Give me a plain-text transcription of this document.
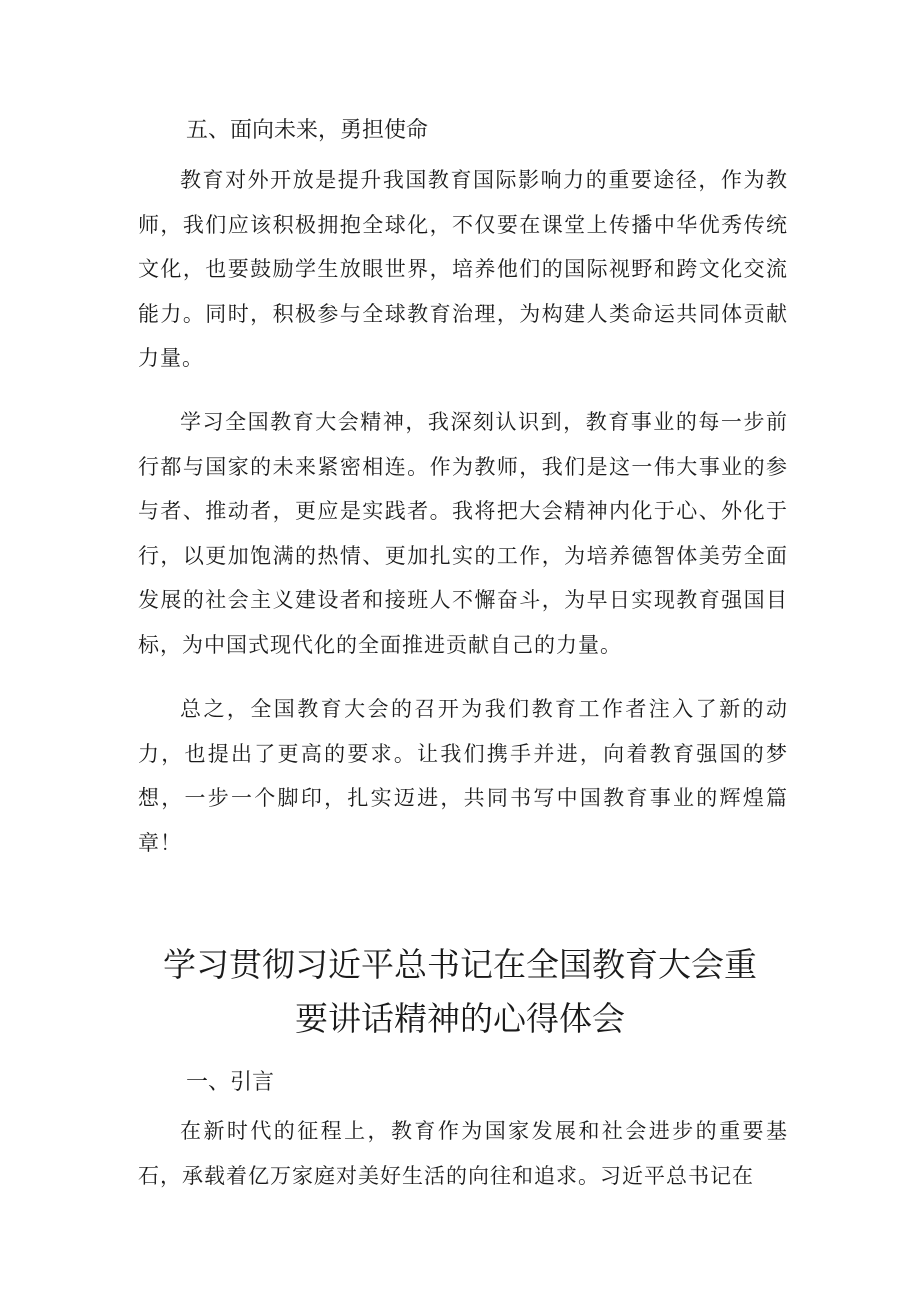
五、面向未来，勇担使命

教育对外开放是提升我国教育国际影响力的重要途径，作为教师，我们应该积极拥抱全球化，不仅要在课堂上传播中华优秀传统文化，也要鼓励学生放眼世界，培养他们的国际视野和跨文化交流能力。同时，积极参与全球教育治理，为构建人类命运共同体贡献力量。

学习全国教育大会精神，我深刻认识到，教育事业的每一步前行都与国家的未来紧密相连。作为教师，我们是这一伟大事业的参与者、推动者，更应是实践者。我将把大会精神内化于心、外化于行，以更加饱满的热情、更加扎实的工作，为培养德智体美劳全面发展的社会主义建设者和接班人不懈奋斗，为早日实现教育强国目标，为中国式现代化的全面推进贡献自己的力量。

总之，全国教育大会的召开为我们教育工作者注入了新的动力，也提出了更高的要求。让我们携手并进，向着教育强国的梦想，一步一个脚印，扎实迈进，共同书写中国教育事业的辉煌篇章！

学习贯彻习近平总书记在全国教育大会重
要讲话精神的心得体会
一、引言

在新时代的征程上，教育作为国家发展和社会进步的重要基石，承载着亿万家庭对美好生活的向往和追求。习近平总书记在
